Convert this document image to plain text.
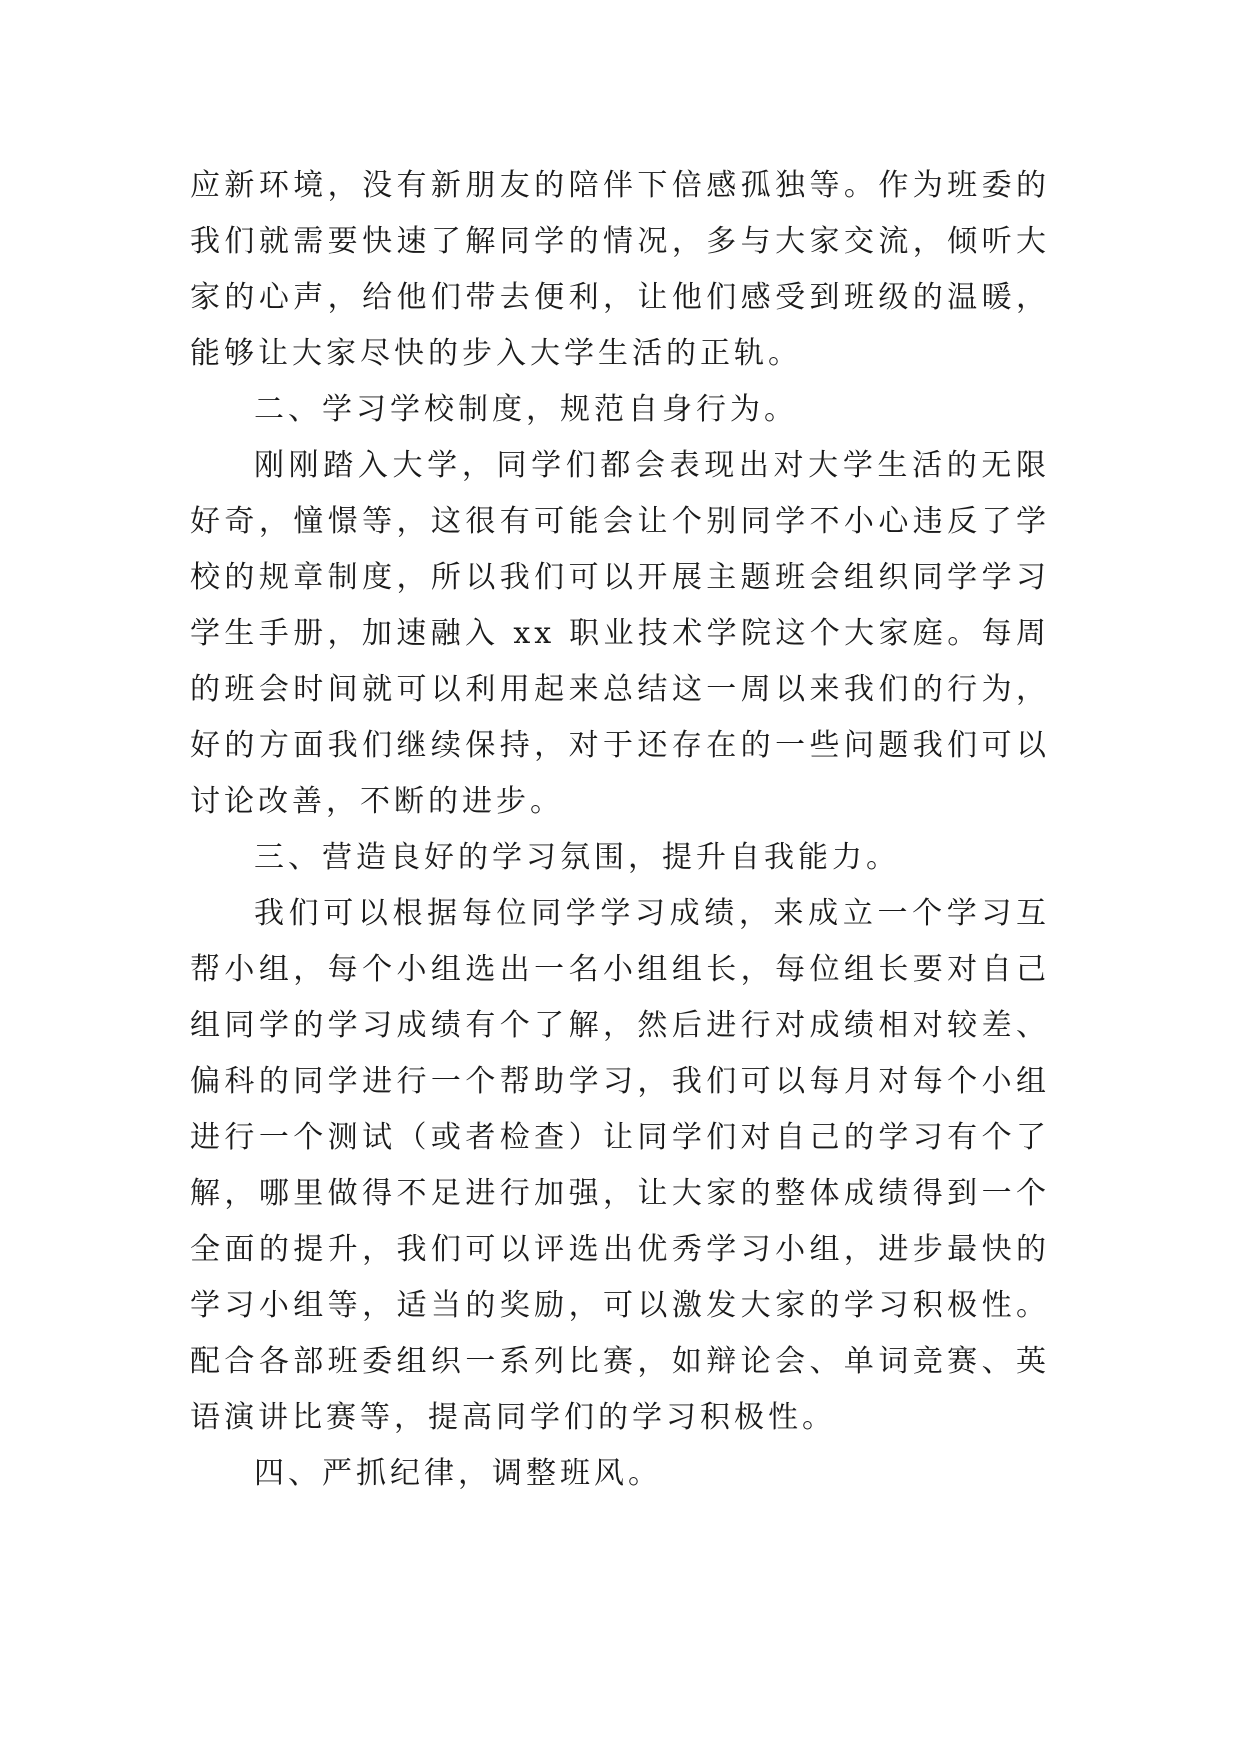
应新环境，没有新朋友的陪伴下倍感孤独等。作为班委的我们就需要快速了解同学的情况，多与大家交流，倾听大家的心声，给他们带去便利，让他们感受到班级的温暖，能够让大家尽快的步入大学生活的正轨。

二、学习学校制度，规范自身行为。

刚刚踏入大学，同学们都会表现出对大学生活的无限好奇，憧憬等，这很有可能会让个别同学不小心违反了学校的规章制度，所以我们可以开展主题班会组织同学学习学生手册，加速融入 xx 职业技术学院这个大家庭。每周的班会时间就可以利用起来总结这一周以来我们的行为，好的方面我们继续保持，对于还存在的一些问题我们可以讨论改善，不断的进步。

三、营造良好的学习氛围，提升自我能力。

我们可以根据每位同学学习成绩，来成立一个学习互帮小组，每个小组选出一名小组组长，每位组长要对自己组同学的学习成绩有个了解，然后进行对成绩相对较差、偏科的同学进行一个帮助学习，我们可以每月对每个小组进行一个测试（或者检查）让同学们对自己的学习有个了解，哪里做得不足进行加强，让大家的整体成绩得到一个全面的提升，我们可以评选出优秀学习小组，进步最快的学习小组等，适当的奖励，可以激发大家的学习积极性。配合各部班委组织一系列比赛，如辩论会、单词竞赛、英语演讲比赛等，提高同学们的学习积极性。

四、严抓纪律，调整班风。
